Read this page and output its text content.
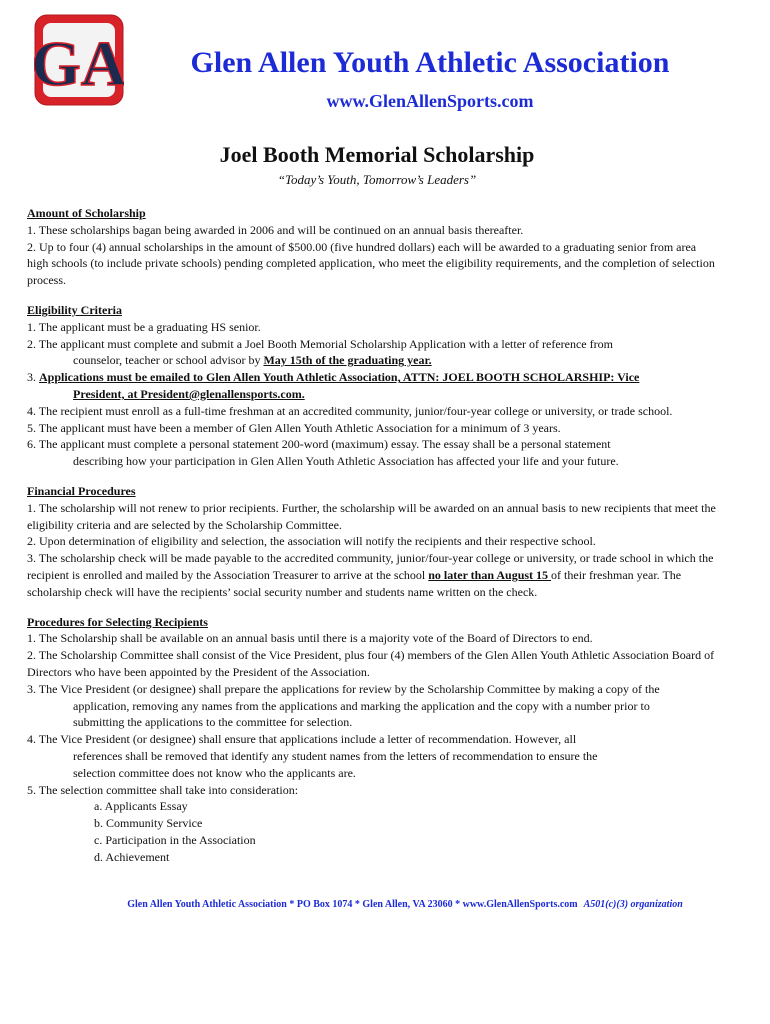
GA	Glen Allen Youth Athletic Association
www.GlenAllenSports.com
Joel Booth Memorial Scholarship
“Today’s Youth, Tomorrow’s Leaders”

Amount of Scholarship

1. These scholarships bagan being awarded in 2006 and will be continued on an annual basis thereafter.

2. Up to four (4) annual scholarships in the amount of $500.00 (five hundred dollars) each will be awarded to a graduating senior from area high schools (to include private schools) pending completed application, who meet the eligibility requirements, and the completion of selection process.

Eligibility Criteria

1. The applicant must be a graduating HS senior.

2. The applicant must complete and submit a Joel Booth Memorial Scholarship Application with a letter of reference from

counselor, teacher or school advisor by May 15th of the graduating year.

3. Applications must be emailed to Glen Allen Youth Athletic Association, ATTN: JOEL BOOTH SCHOLARSHIP: Vice

President, at President@glenallensports.com.

4. The recipient must enroll as a full-time freshman at an accredited community, junior/four-year college or university, or trade school.

5. The applicant must have been a member of Glen Allen Youth Athletic Association for a minimum of 3 years.

6. The applicant must complete a personal statement 200-word (maximum) essay. The essay shall be a personal statement

describing how your participation in Glen Allen Youth Athletic Association has affected your life and your future.

Financial Procedures

1. The scholarship will not renew to prior recipients. Further, the scholarship will be awarded on an annual basis to new recipients that meet the eligibility criteria and are selected by the Scholarship Committee.

2. Upon determination of eligibility and selection, the association will notify the recipients and their respective school.

3. The scholarship check will be made payable to the accredited community, junior/four-year college or university, or trade school in which the recipient is enrolled and mailed by the Association Treasurer to arrive at the school no later than August 15 of their freshman year. The scholarship check will have the recipients’ social security number and students name written on the check.

Procedures for Selecting Recipients

1. The Scholarship shall be available on an annual basis until there is a majority vote of the Board of Directors to end.

2. The Scholarship Committee shall consist of the Vice President, plus four (4) members of the Glen Allen Youth Athletic Association Board of Directors who have been appointed by the President of the Association.

3. The Vice President (or designee) shall prepare the applications for review by the Scholarship Committee by making a copy of the

application, removing any names from the applications and marking the application and the copy with a number prior to

submitting the applications to the committee for selection.

4. The Vice President (or designee) shall ensure that applications include a letter of recommendation. However, all

references shall be removed that identify any student names from the letters of recommendation to ensure the

selection committee does not know who the applicants are.

5. The selection committee shall take into consideration:

a. Applicants Essay

b. Community Service

c. Participation in the Association

d. Achievement

Glen Allen Youth Athletic Association * PO Box 1074 * Glen Allen, VA 23060 * www.GlenAllenSports.com A501(c)(3) organization
